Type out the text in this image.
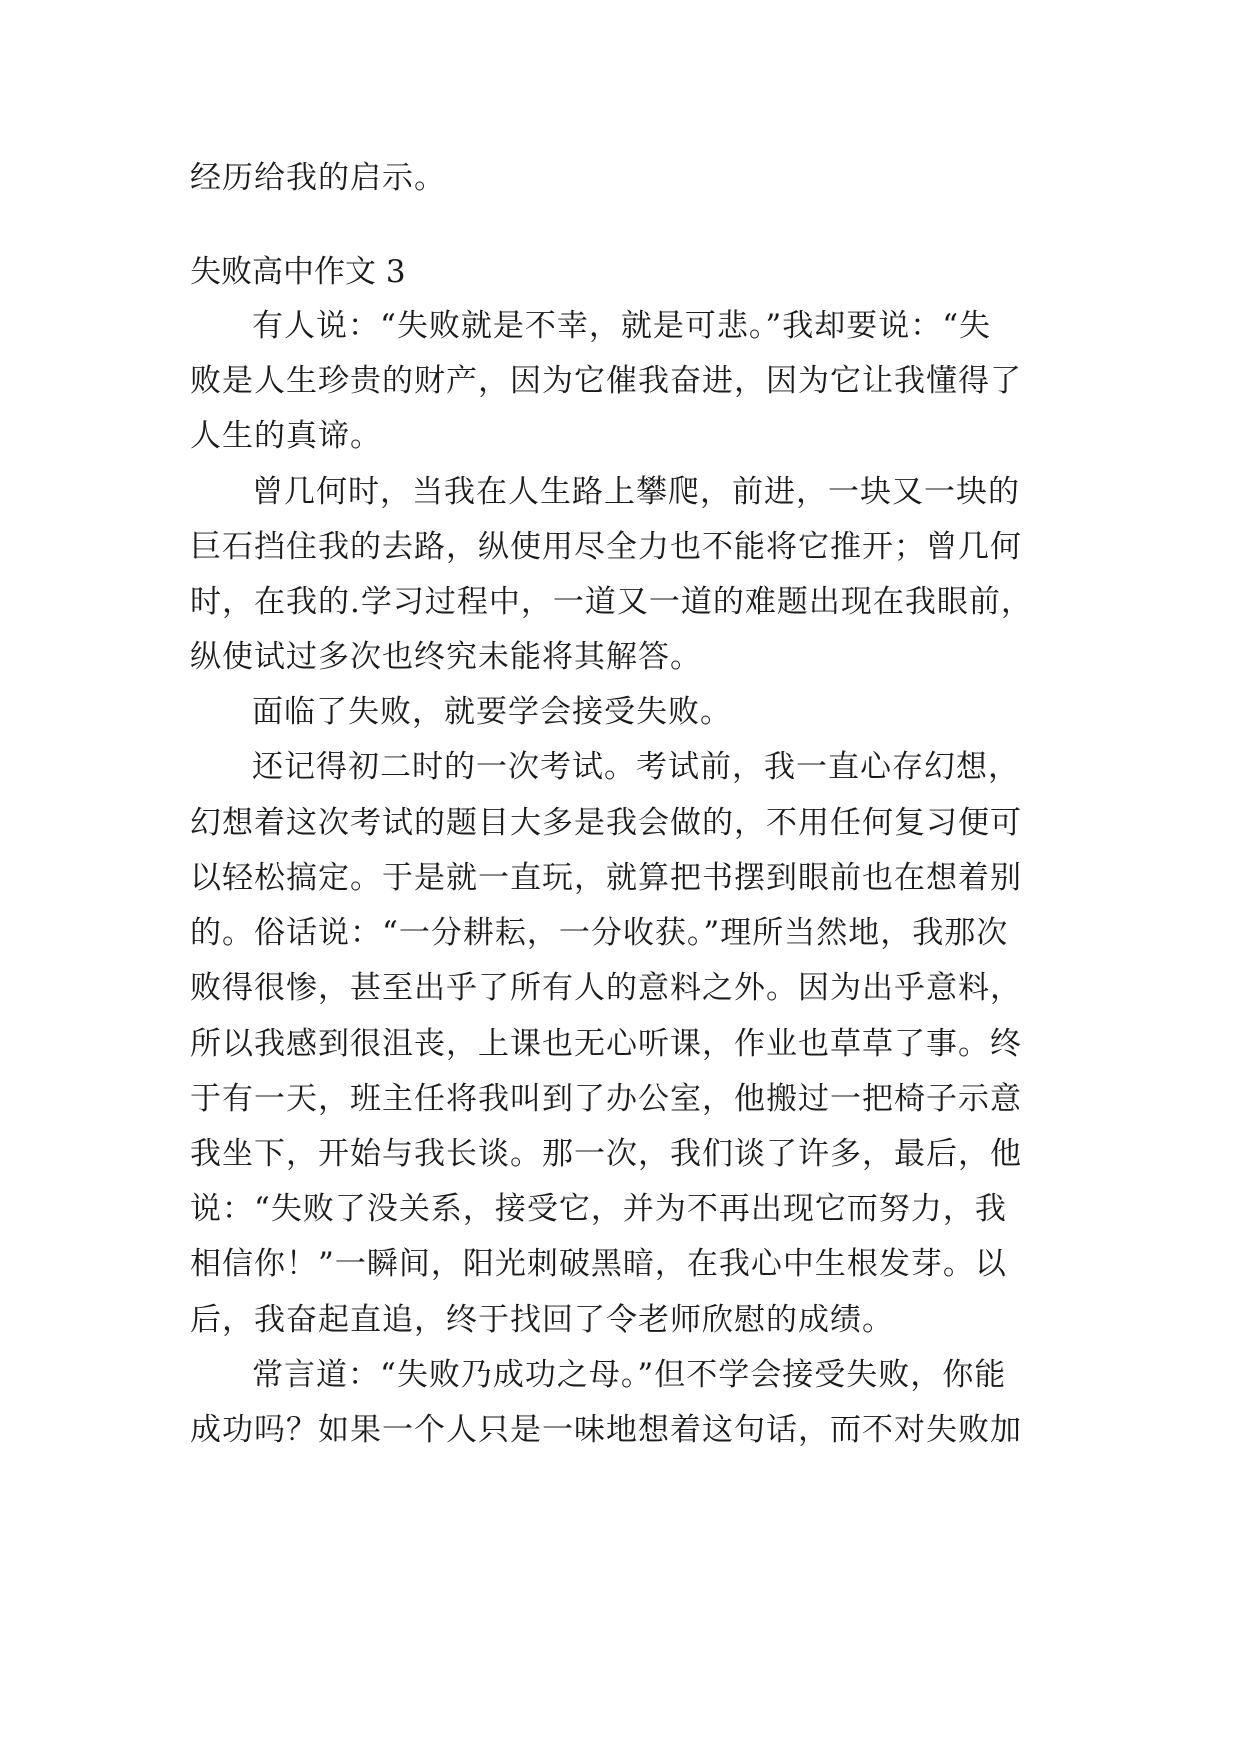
经历给我的启示。
失败高中作文 3
有人说：“失败就是不幸，就是可悲。”我却要说：“失
败是人生珍贵的财产，因为它催我奋进，因为它让我懂得了
人生的真谛。
曾几何时，当我在人生路上攀爬，前进，一块又一块的
巨石挡住我的去路，纵使用尽全力也不能将它推开；曾几何
时，在我的.学习过程中，一道又一道的难题出现在我眼前，
纵使试过多次也终究未能将其解答。
面临了失败，就要学会接受失败。
还记得初二时的一次考试。考试前，我一直心存幻想，
幻想着这次考试的题目大多是我会做的，不用任何复习便可
以轻松搞定。于是就一直玩，就算把书摆到眼前也在想着别
的。俗话说：“一分耕耘，一分收获。”理所当然地，我那次
败得很惨，甚至出乎了所有人的意料之外。因为出乎意料，
所以我感到很沮丧，上课也无心听课，作业也草草了事。终
于有一天，班主任将我叫到了办公室，他搬过一把椅子示意
我坐下，开始与我长谈。那一次，我们谈了许多，最后，他
说：“失败了没关系，接受它，并为不再出现它而努力，我
相信你！”一瞬间，阳光刺破黑暗，在我心中生根发芽。以
后，我奋起直追，终于找回了令老师欣慰的成绩。
常言道：“失败乃成功之母。”但不学会接受失败，你能
成功吗？如果一个人只是一味地想着这句话，而不对失败加
